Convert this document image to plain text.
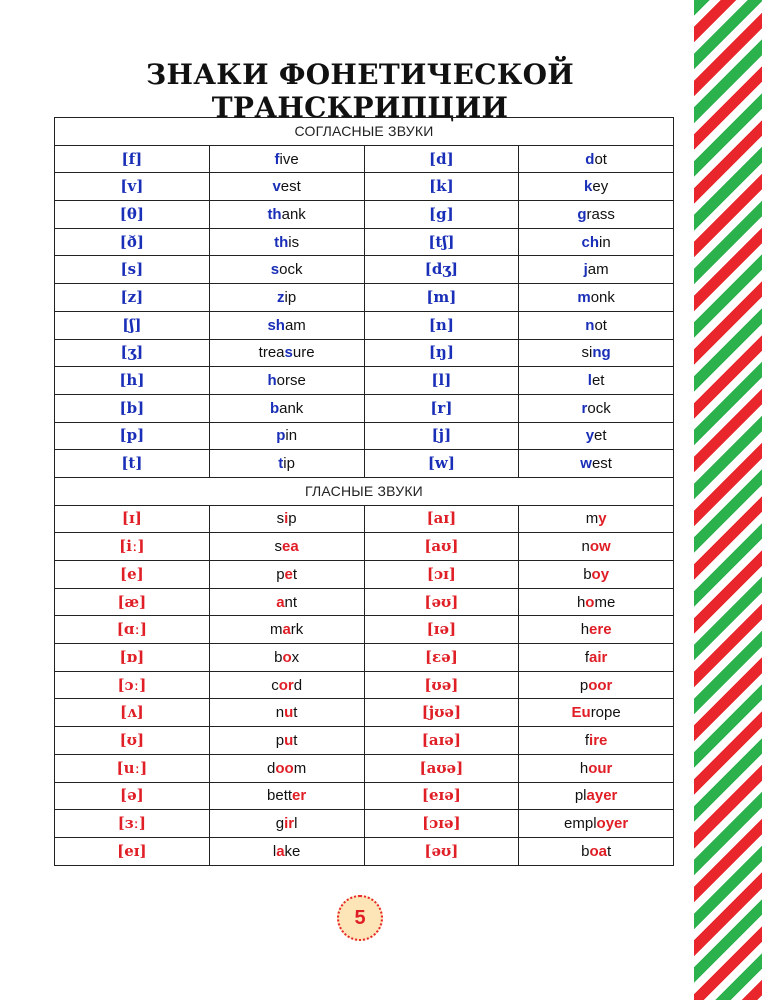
ЗНАКИ ФОНЕТИЧЕСКОЙ ТРАНСКРИПЦИИ
СОГЛАСНЫЕ ЗВУКИ			
[f]	five	[d]	dot
[v]	vest	[k]	key
[θ]	thank	[g]	grass
[ð]	this	[tʃ]	chin
[s]	sock	[dʒ]	jam
[z]	zip	[m]	monk
[ʃ]	sham	[n]	not
[ʒ]	treasure	[ŋ]	sing
[h]	horse	[l]	let
[b]	bank	[r]	rock
[p]	pin	[j]	yet
[t]	tip	[w]	west
ГЛАСНЫЕ ЗВУКИ			
[ɪ]	sip	[aɪ]	my
[iː]	sea	[aʊ]	now
[e]	pet	[ɔɪ]	boy
[æ]	ant	[əʊ]	home
[ɑː]	mark	[ɪə]	here
[ɒ]	box	[ɛə]	fair
[ɔː]	cord	[ʊə]	poor
[ʌ]	nut	[jʊə]	Europe
[ʊ]	put	[aɪə]	fire
[uː]	doom	[aʊə]	hour
[ə]	better	[eɪə]	player
[ɜː]	girl	[ɔɪə]	employer
[eɪ]	lake	[əʊ]	boat
5
